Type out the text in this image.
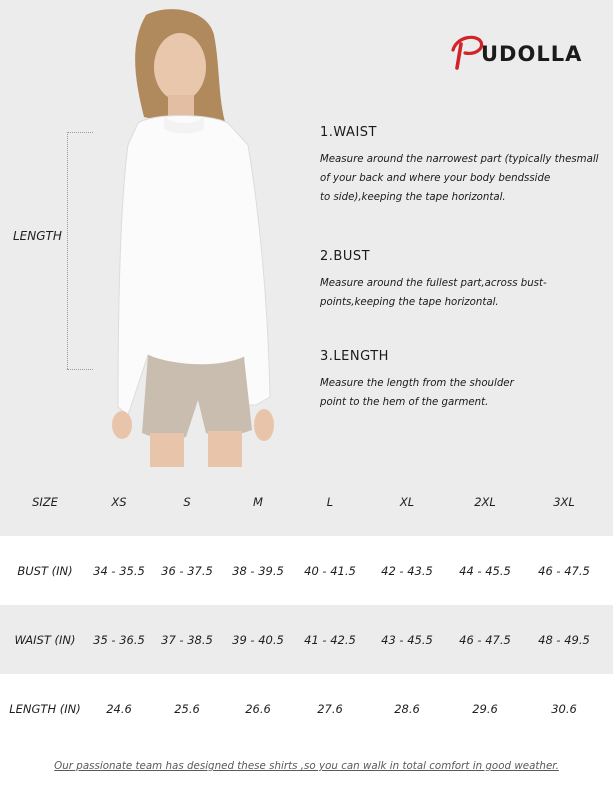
LENGTH
UDOLLA
1.WAIST

Measure around the narrowest part (typically thesmall

of your back and where your body bendsside

to side),keeping the tape horizontal.

2.BUST

Measure around the fullest part,across bust-

points,keeping the tape horizontal.

3.LENGTH

Measure the length from the shoulder

point to the hem of the garment.

SIZE	XS	S	M	L	XL	2XL	3XL
BUST (IN)	34 - 35.5	36 - 37.5	38 - 39.5	40 - 41.5	42 - 43.5	44 - 45.5	46 - 47.5
WAIST (IN)	35 - 36.5	37 - 38.5	39 - 40.5	41 - 42.5	43 - 45.5	46 - 47.5	48 - 49.5
LENGTH (IN)	24.6	25.6	26.6	27.6	28.6	29.6	30.6
Our passionate team has designed these shirts ,so you can walk in total comfort in good weather.
